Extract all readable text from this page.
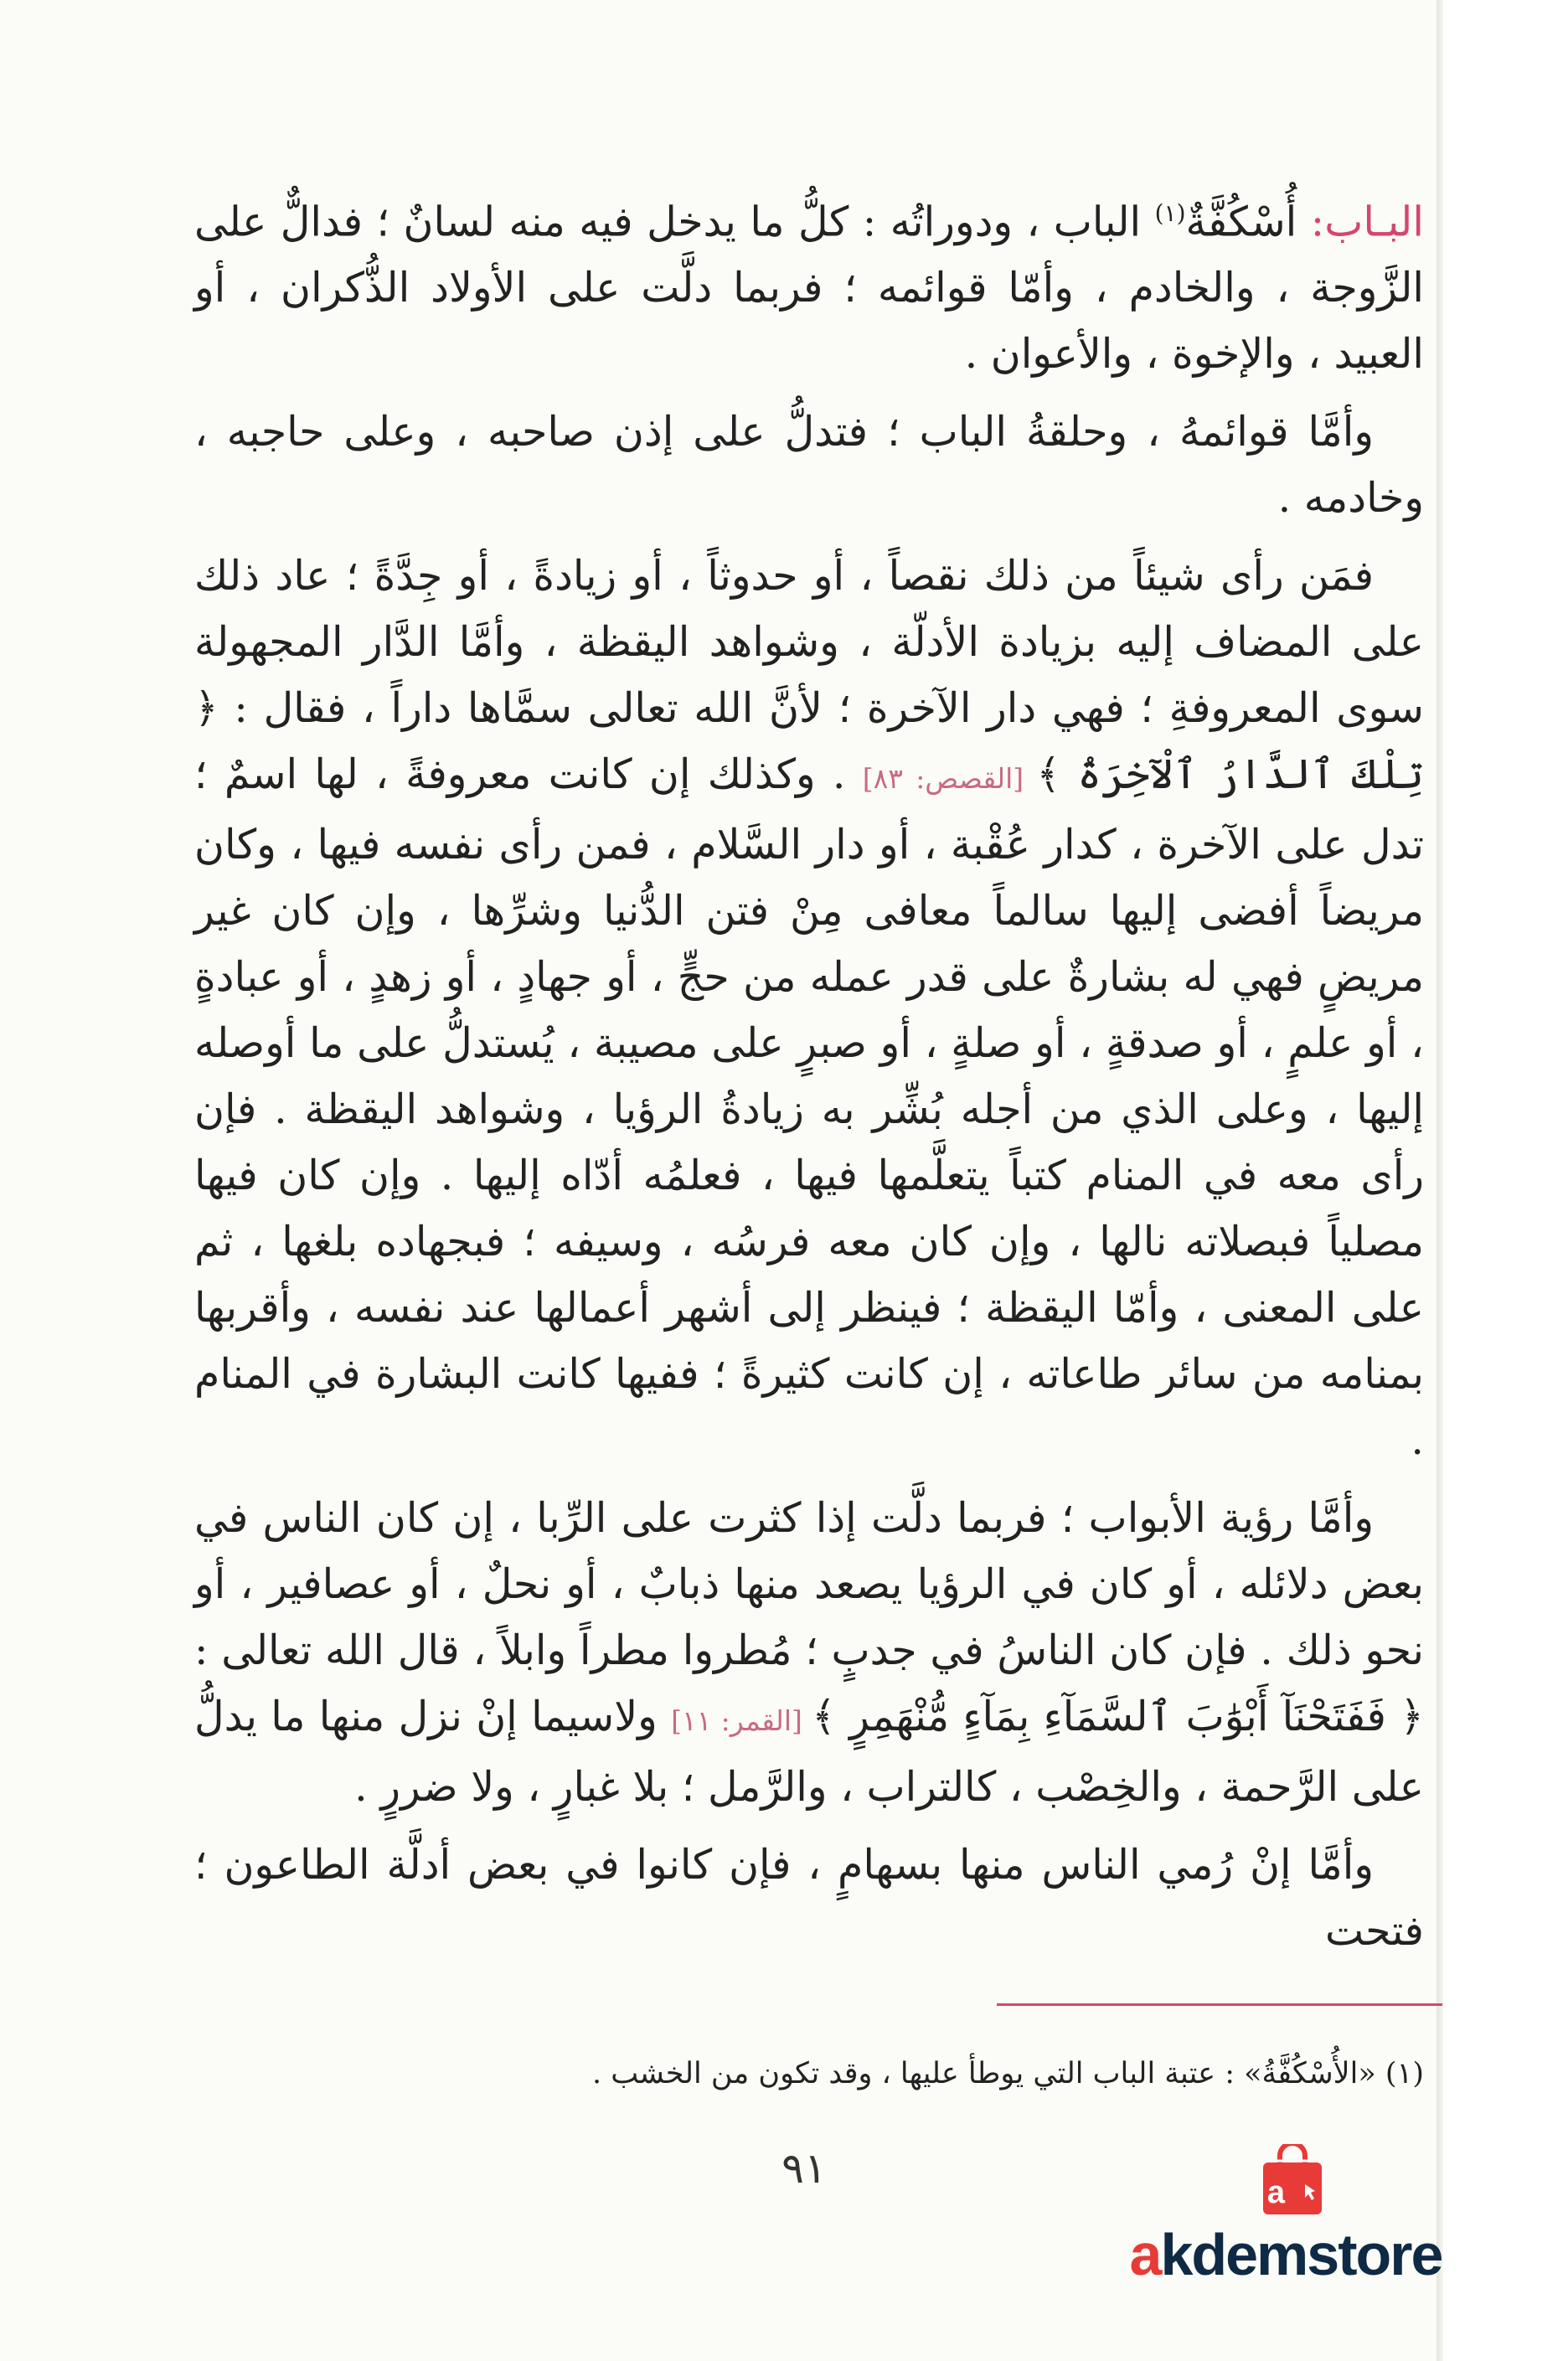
البـاب: أُسْكُفَّةٌ$^{(١)}$ الباب ، ودوراتُه : كلُّ ما يدخل فيه منه لسانٌ ؛ فدالٌّ على الزَّوجة ، والخادم ، وأمّا قوائمه ؛ فربما دلَّت على الأولاد الذُّكران ، أو العبيد ، والإخوة ، والأعوان .

وأمَّا قوائمهُ ، وحلقةُ الباب ؛ فتدلُّ على إذن صاحبه ، وعلى حاجبه ، وخادمه .

فمَن رأى شيئاً من ذلك نقصاً ، أو حدوثاً ، أو زيادةً ، أو جِدَّةً ؛ عاد ذلك على المضاف إليه بزيادة الأدلّة ، وشواهد اليقظة ، وأمَّا الدَّار المجهولة سوى المعروفةِ ؛ فهي دار الآخرة ؛ لأنَّ الله تعالى سمَّاها داراً ، فقال : ﴿ تِلْكَ ٱلدَّارُ ٱلْآخِرَةُ ﴾ [القصص: ٨٣] . وكذلك إن كانت معروفةً ، لها اسمٌ ؛ تدل على الآخرة ، كدار عُقْبة ، أو دار السَّلام ، فمن رأى نفسه فيها ، وكان مريضاً أفضى إليها سالماً معافى مِنْ فتن الدُّنيا وشرِّها ، وإن كان غير مريضٍ فهي له بشارةٌ على قدر عمله من حجٍّ ، أو جهادٍ ، أو زهدٍ ، أو عبادةٍ ، أو علمٍ ، أو صدقةٍ ، أو صلةٍ ، أو صبرٍ على مصيبة ، يُستدلُّ على ما أوصله إليها ، وعلى الذي من أجله بُشِّر به زيادةُ الرؤيا ، وشواهد اليقظة . فإن رأى معه في المنام كتباً يتعلَّمها فيها ، فعلمُه أدّاه إليها . وإن كان فيها مصلياً فبصلاته نالها ، وإن كان معه فرسُه ، وسيفه ؛ فبجهاده بلغها ، ثم على المعنى ، وأمّا اليقظة ؛ فينظر إلى أشهر أعمالها عند نفسه ، وأقربها بمنامه من سائر طاعاته ، إن كانت كثيرةً ؛ ففيها كانت البشارة في المنام .

وأمَّا رؤية الأبواب ؛ فربما دلَّت إذا كثرت على الرِّبا ، إن كان الناس في بعض دلائله ، أو كان في الرؤيا يصعد منها ذبابٌ ، أو نحلٌ ، أو عصافير ، أو نحو ذلك . فإن كان الناسُ في جدبٍ ؛ مُطروا مطراً وابلاً ، قال الله تعالى : ﴿ فَفَتَحْنَآ أَبْوَٰبَ ٱلسَّمَآءِ بِمَآءٍ مُّنْهَمِرٍ ﴾ [القمر: ١١] ولاسيما إنْ نزل منها ما يدلُّ على الرَّحمة ، والخِصْب ، كالتراب ، والرَّمل ؛ بلا غبارٍ ، ولا ضررٍ .

وأمَّا إنْ رُمي الناس منها بسهامٍ ، فإن كانوا في بعض أدلَّة الطاعون ؛ فتحت

(١) «الأُسْكُفَّةُ» : عتبة الباب التي يوطأ عليها ، وقد تكون من الخشب .
٩١	a
akdemstore
